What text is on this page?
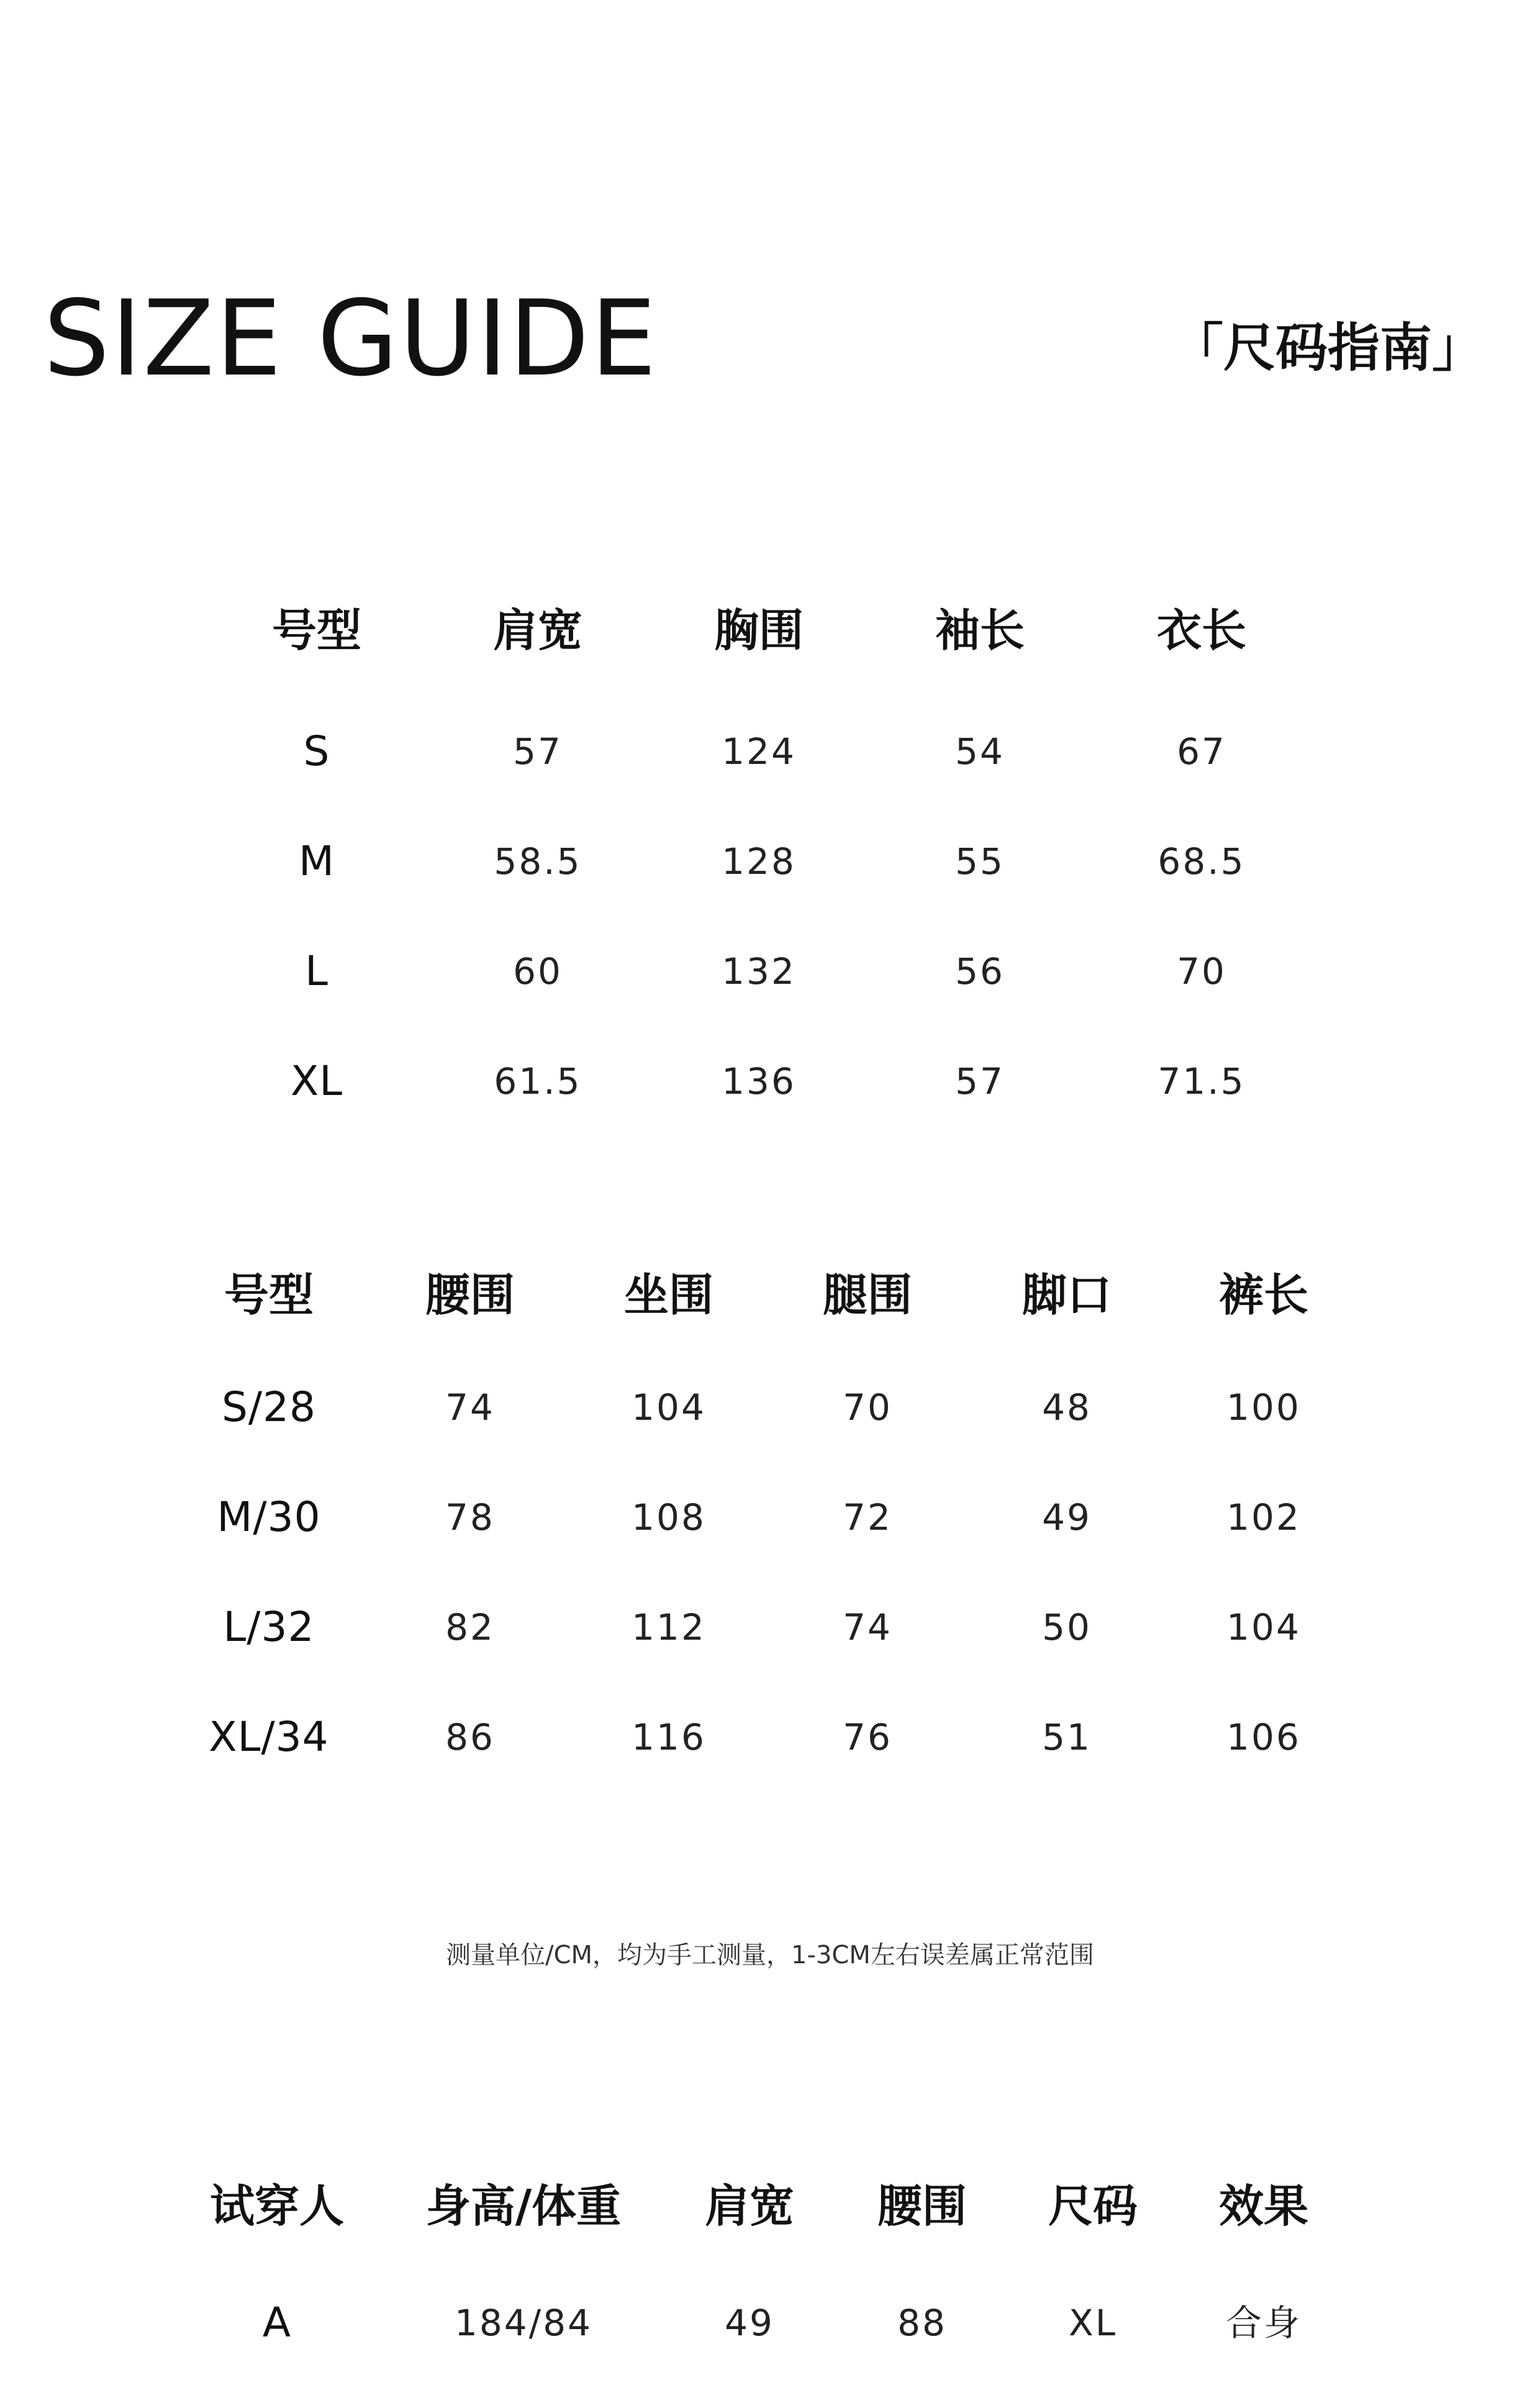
SIZE GUIDE	「尺码指南」
号型	肩宽	胸围	袖长	衣长
S	57	124	54	67
M	58.5	128	55	68.5
L	60	132	56	70
XL	61.5	136	57	71.5
号型 腰围 坐围 腿围 脚口 裤长
S/28	74	104	70	48	100
M/30	78	108	72	49	102
L/32	82	112	74	50	104
XL/34	86	116	76	51	106
测量单位/CM，均为手工测量，1-3CM左右误差属正常范围
试穿人 身高/体重 肩宽 腰围 尺码 效果
A	184/84	49	88	XL	合身
